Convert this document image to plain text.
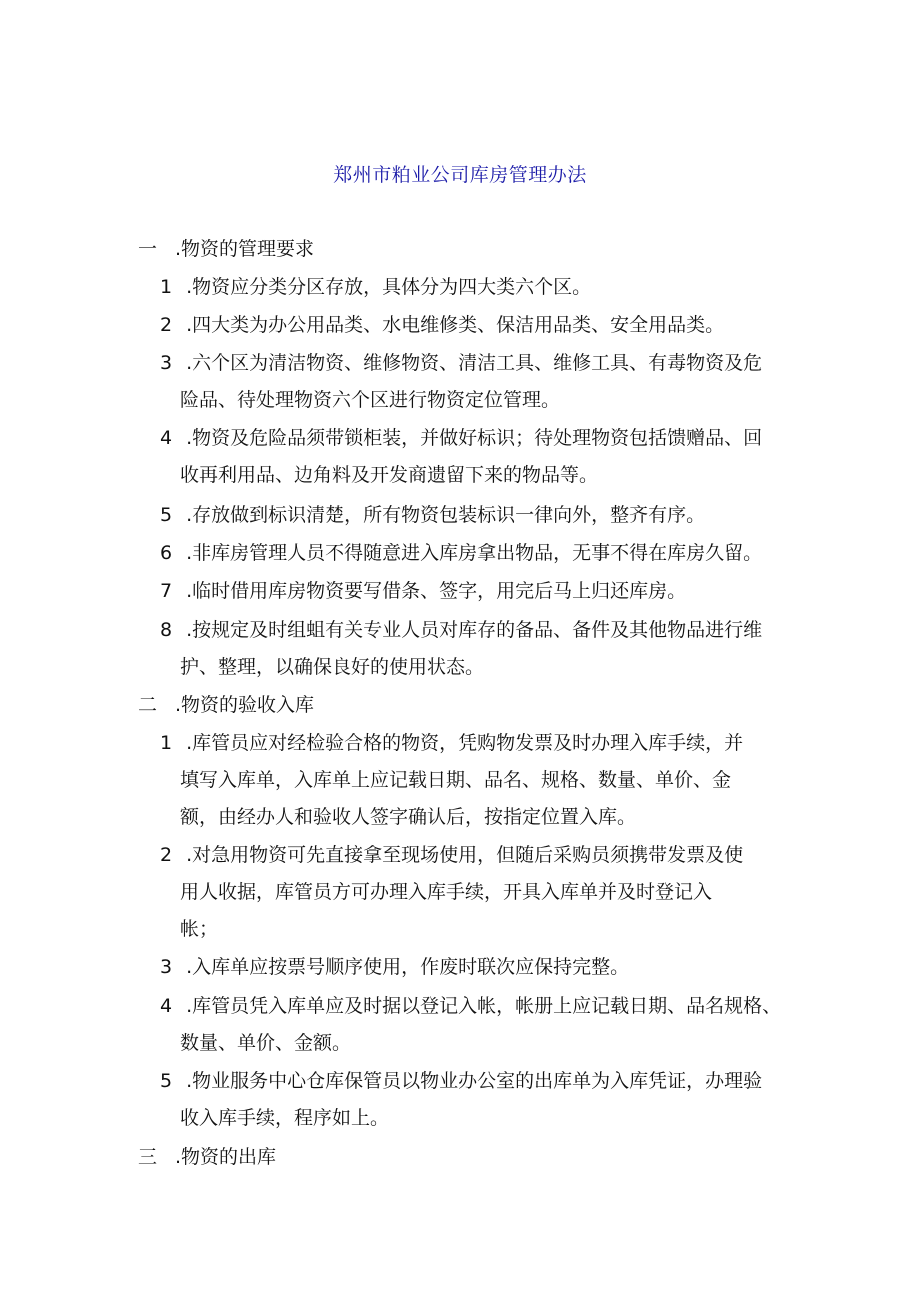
郑州市粕业公司库房管理办法
一 .物资的管理要求
1 .物资应分类分区存放，具体分为四大类六个区。
2 .四大类为办公用品类、水电维修类、保洁用品类、安全用品类。
3 .六个区为清洁物资、维修物资、清洁工具、维修工具、有毒物资及危
险品、待处理物资六个区进行物资定位管理。
4 .物资及危险品须带锁柜装，并做好标识；待处理物资包括馈赠品、回
收再利用品、边角料及开发商遗留下来的物品等。
5 .存放做到标识清楚，所有物资包装标识一律向外，整齐有序。
6 .非库房管理人员不得随意进入库房拿出物品，无事不得在库房久留。
7 .临时借用库房物资要写借条、签字，用完后马上归还库房。
8 .按规定及时组蛆有关专业人员对库存的备品、备件及其他物品进行维
护、整理，以确保良好的使用状态。
二 .物资的验收入库
1 .库管员应对经检验合格的物资，凭购物发票及时办理入库手续，并
填写入库单，入库单上应记载日期、品名、规格、数量、单价、金
额，由经办人和验收人签字确认后，按指定位置入库。
2 .对急用物资可先直接拿至现场使用，但随后采购员须携带发票及使
用人收据，库管员方可办理入库手续，开具入库单并及时登记入
帐；
3 .入库单应按票号顺序使用，作废时联次应保持完整。
4 .库管员凭入库单应及时据以登记入帐，帐册上应记载日期、品名规格、
数量、单价、金额。
5 .物业服务中心仓库保管员以物业办公室的出库单为入库凭证，办理验
收入库手续，程序如上。
三 .物资的出库
